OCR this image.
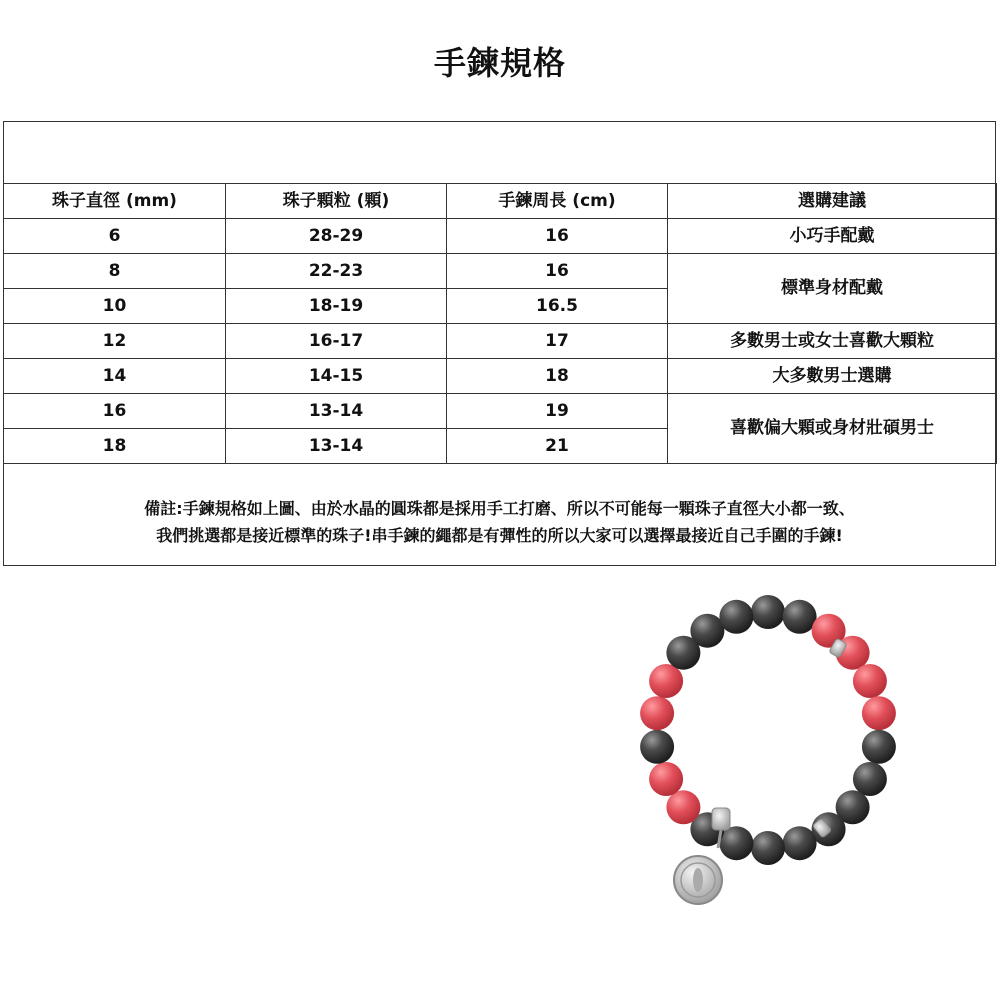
手鍊規格
珠子直徑 (mm)	珠子顆粒 (顆)	手鍊周長 (cm)	選購建議
6	28-29	16	小巧手配戴
8	22-23	16	標準身材配戴
10	18-19	16.5	
12	16-17	17	多數男士或女士喜歡大顆粒
14	14-15	18	大多數男士選購
16	13-14	19	喜歡偏大顆或身材壯碩男士
18	13-14	21	
備註:手鍊規格如上圖、由於水晶的圓珠都是採用手工打磨、所以不可能每一顆珠子直徑大小都一致、
我們挑選都是接近標準的珠子!串手鍊的繩都是有彈性的所以大家可以選擇最接近自己手圍的手鍊!
